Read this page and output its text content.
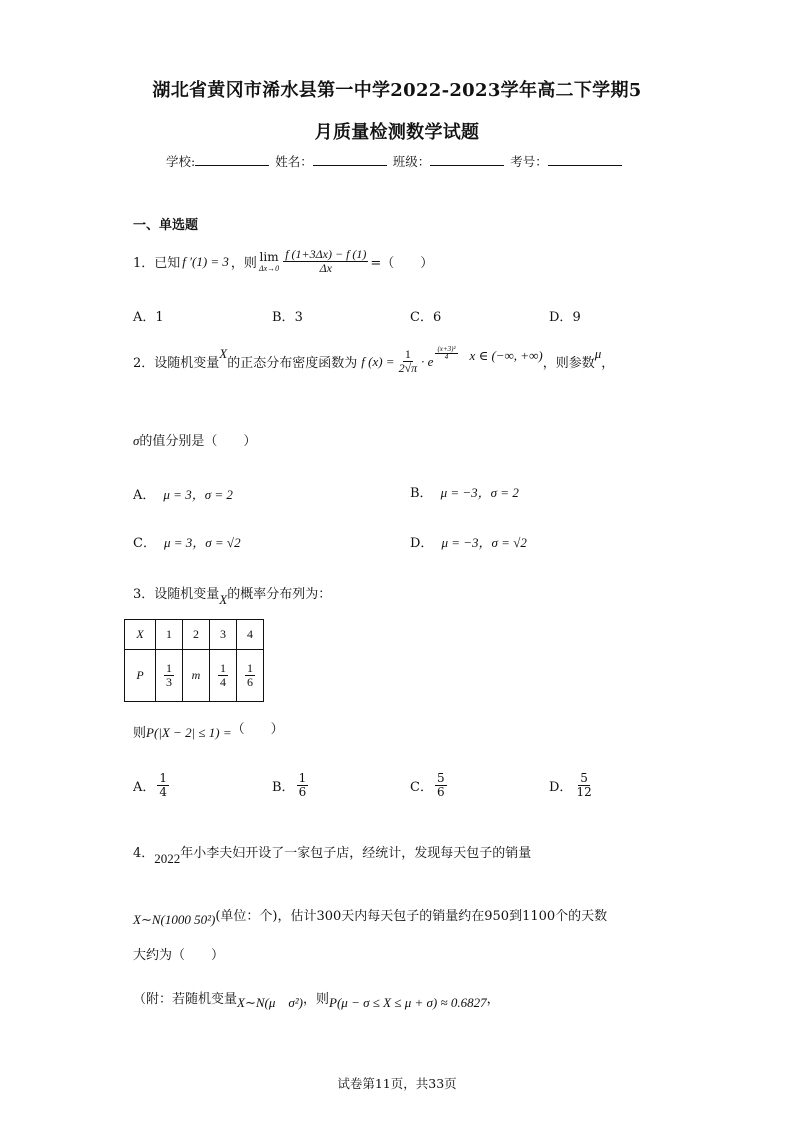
湖北省黄冈市浠水县第一中学2022-2023学年高二下学期5
月质量检测数学试题
学校:	姓名：	班级：	考号：
一、单选题
1．已知 f ′(1) = 3 ，则 lim
$\Delta x\to 0 \frac{f (1+3\Delta x) - f (1)}{\Delta x}$ =（　　）
A．1	B．3	C．6	D．9
2．设随机变量
X
的正态分布密度函数为 f $(x) = \frac{1}{2√\pi} \cdot e \frac{\text{(x+3)²}}{4}$ x ∈ (−∞, +∞)
，则参数
μ
，
σ的值分别是（　　）
A． μ = 3，σ = 2	B． μ = −3，σ = 2
C． μ = 3，σ = √2	D． μ = −3，σ = √2
3．设随机变量X的概率分布列为：
X	1	2	3	4
P	$\frac{1}{3}$	m	$\frac{1}{4}$	$\frac{1}{6}$
则P(|X − 2| ≤ 1) =（　　）
A． $\frac{1}{4}$	B． $\frac{1}{6}$	C． $\frac{5}{6}$	D． $\frac{5}{12}$
4．2022年小李夫妇开设了一家包子店，经统计，发现每天包子的销量
X∼N(1000 50²)(单位：个)，估计300天内每天包子的销量约在950到1100个的天数
大约为（　　）
（附：若随机变量X∼N(μ　σ²)，则P(μ − σ ≤ X ≤ μ + σ) ≈ 0.6827，
试卷第11页，共33页
